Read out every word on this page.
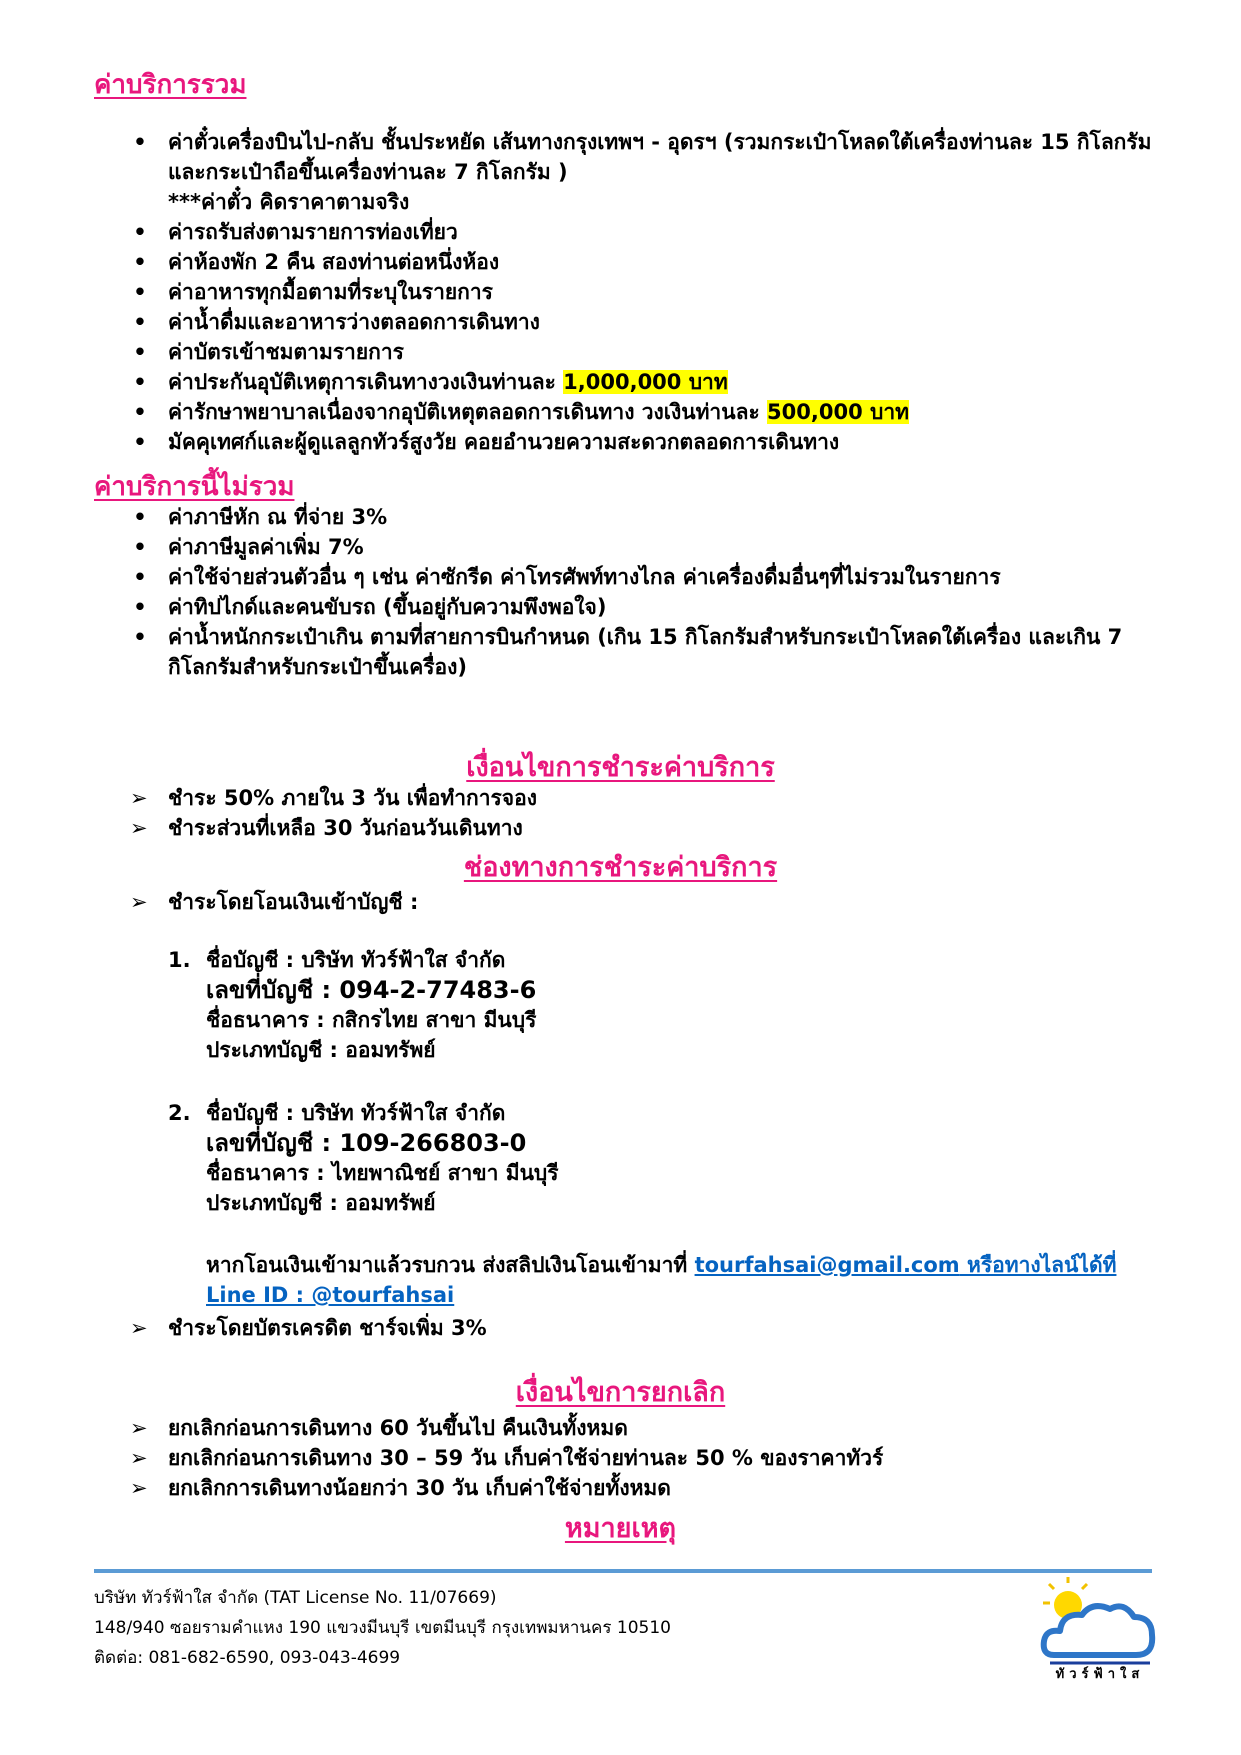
ค่าบริการรวม
• ค่าตั๋วเครื่องบินไป-กลับ ชั้นประหยัด เส้นทางกรุงเทพฯ - อุดรฯ (รวมกระเป๋าโหลดใต้เครื่องท่านละ 15 กิโลกรัม และกระเป๋าถือขึ้นเครื่องท่านละ 7 กิโลกรัม )
***ค่าตั๋ว คิดราคาตามจริง
• ค่ารถรับส่งตามรายการท่องเที่ยว
• ค่าห้องพัก 2 คืน สองท่านต่อหนึ่งห้อง
• ค่าอาหารทุกมื้อตามที่ระบุในรายการ
• ค่าน้ำดื่มและอาหารว่างตลอดการเดินทาง
• ค่าบัตรเข้าชมตามรายการ
• ค่าประกันอุบัติเหตุการเดินทางวงเงินท่านละ 1,000,000 บาท
• ค่ารักษาพยาบาลเนื่องจากอุบัติเหตุตลอดการเดินทาง วงเงินท่านละ 500,000 บาท
• มัคคุเทศก์และผู้ดูแลลูกทัวร์สูงวัย คอยอำนวยความสะดวกตลอดการเดินทาง
ค่าบริการนี้ไม่รวม
• ค่าภาษีหัก ณ ที่จ่าย 3%
• ค่าภาษีมูลค่าเพิ่ม 7%
• ค่าใช้จ่ายส่วนตัวอื่น ๆ เช่น ค่าซักรีด ค่าโทรศัพท์ทางไกล ค่าเครื่องดื่มอื่นๆที่ไม่รวมในรายการ
• ค่าทิปไกด์และคนขับรถ (ขึ้นอยู่กับความพึงพอใจ)
• ค่าน้ำหนักกระเป๋าเกิน ตามที่สายการบินกำหนด (เกิน 15 กิโลกรัมสำหรับกระเป๋าโหลดใต้เครื่อง และเกิน 7 กิโลกรัมสำหรับกระเป๋าขึ้นเครื่อง)
เงื่อนไขการชำระค่าบริการ
➢ ชำระ 50% ภายใน 3 วัน เพื่อทำการจอง
➢ ชำระส่วนที่เหลือ 30 วันก่อนวันเดินทาง
ช่องทางการชำระค่าบริการ
➢ ชำระโดยโอนเงินเข้าบัญชี :
1. ชื่อบัญชี : บริษัท ทัวร์ฟ้าใส จำกัด
เลขที่บัญชี : 094-2-77483-6
ชื่อธนาคาร : กสิกรไทย สาขา มีนบุรี
ประเภทบัญชี : ออมทรัพย์
2. ชื่อบัญชี : บริษัท ทัวร์ฟ้าใส จำกัด
เลขที่บัญชี : 109-266803-0
ชื่อธนาคาร : ไทยพาณิชย์ สาขา มีนบุรี
ประเภทบัญชี : ออมทรัพย์
หากโอนเงินเข้ามาแล้วรบกวน ส่งสลิปเงินโอนเข้ามาที่ tourfahsai@gmail.com หรือทางไลน์ได้ที่ Line ID : @tourfahsai
➢ ชำระโดยบัตรเครดิต ชาร์จเพิ่ม 3%
เงื่อนไขการยกเลิก
➢ ยกเลิกก่อนการเดินทาง 60 วันขึ้นไป คืนเงินทั้งหมด
➢ ยกเลิกก่อนการเดินทาง 30 – 59 วัน เก็บค่าใช้จ่ายท่านละ 50 % ของราคาทัวร์
➢ ยกเลิกการเดินทางน้อยกว่า 30 วัน เก็บค่าใช้จ่ายทั้งหมด
หมายเหตุ
บริษัท ทัวร์ฟ้าใส จำกัด (TAT License No. 11/07669)
148/940 ซอยรามคำแหง 190 แขวงมีนบุรี เขตมีนบุรี กรุงเทพมหานคร 10510
ติดต่อ: 081-682-6590, 093-043-4699
ทัวร์ฟ้าใส
